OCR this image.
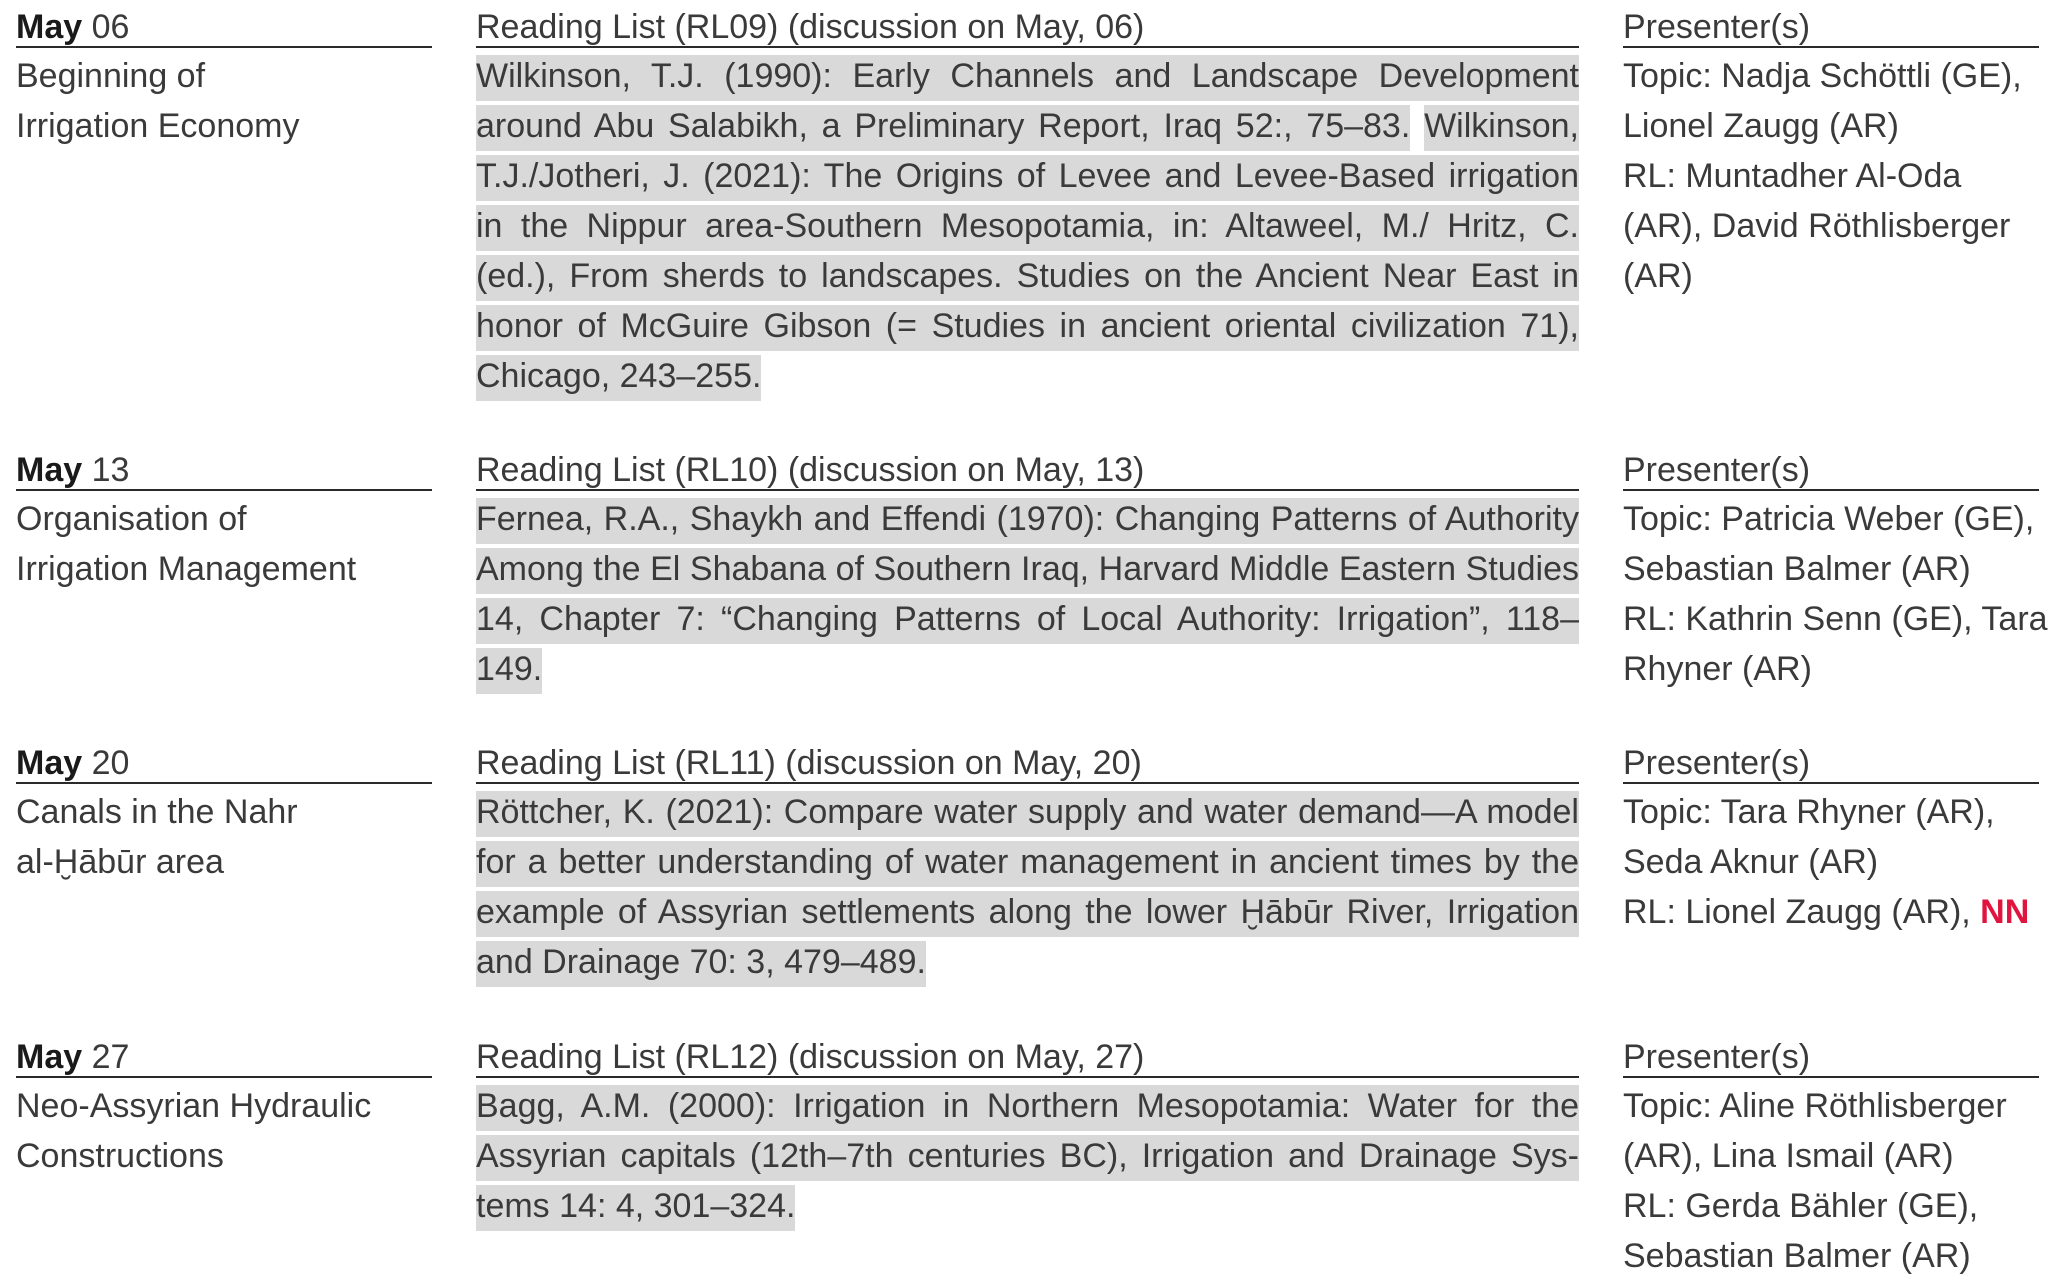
May 06
Beginning of
Irrigation Economy
Reading List (RL09) (discussion on May, 06)
Wilkinson, T.J. (1990): Early Channels and Landscape Development around Abu Salabikh, a Preliminary Report, Iraq 52:, 75–83. Wilkinson, T.J./Jotheri, J. (2021): The Origins of Levee and Levee-Based irrigation in the Nippur area-Southern Mesopotamia, in: Altaweel, M./ Hritz, C. (ed.), From sherds to landscapes. Studies on the Ancient Near East in honor of McGuire Gibson (= Studies in ancient oriental civilization 71), Chicago, 243–255.
Presenter(s)
Topic: Nadja Schöttli (GE),
Lionel Zaugg (AR)
RL: Muntadher Al-Oda
(AR), David Röthlisberger
(AR)
May 13
Organisation of
Irrigation Management
Reading List (RL10) (discussion on May, 13)
Fernea, R.A., Shaykh and Effendi (1970): Changing Patterns of Authority Among the El Shabana of Southern Iraq, Harvard Middle Eastern Studies 14, Chapter 7: “Changing Patterns of Local Authority: Irrigation”, 118–149.
Presenter(s)
Topic: Patricia Weber (GE),
Sebastian Balmer (AR)
RL: Kathrin Senn (GE), Tara
Rhyner (AR)
May 20
Canals in the Nahr
al-Ḫābūr area
Reading List (RL11) (discussion on May, 20)
Röttcher, K. (2021): Compare water supply and water demand—A model for a better understanding of water management in ancient times by the example of Assyrian settlements along the lower Ḫābūr River, Irrigation and Drainage 70: 3, 479–489.
Presenter(s)
Topic: Tara Rhyner (AR),
Seda Aknur (AR)
RL: Lionel Zaugg (AR), NN
May 27
Neo-Assyrian Hydraulic
Constructions
Reading List (RL12) (discussion on May, 27)
Bagg, A.M. (2000): Irrigation in Northern Mesopotamia: Water for the Assyrian capitals (12th–7th centuries BC), Irrigation and Drainage Systems 14: 4, 301–324.
Presenter(s)
Topic: Aline Röthlisberger
(AR), Lina Ismail (AR)
RL: Gerda Bähler (GE),
Sebastian Balmer (AR)
